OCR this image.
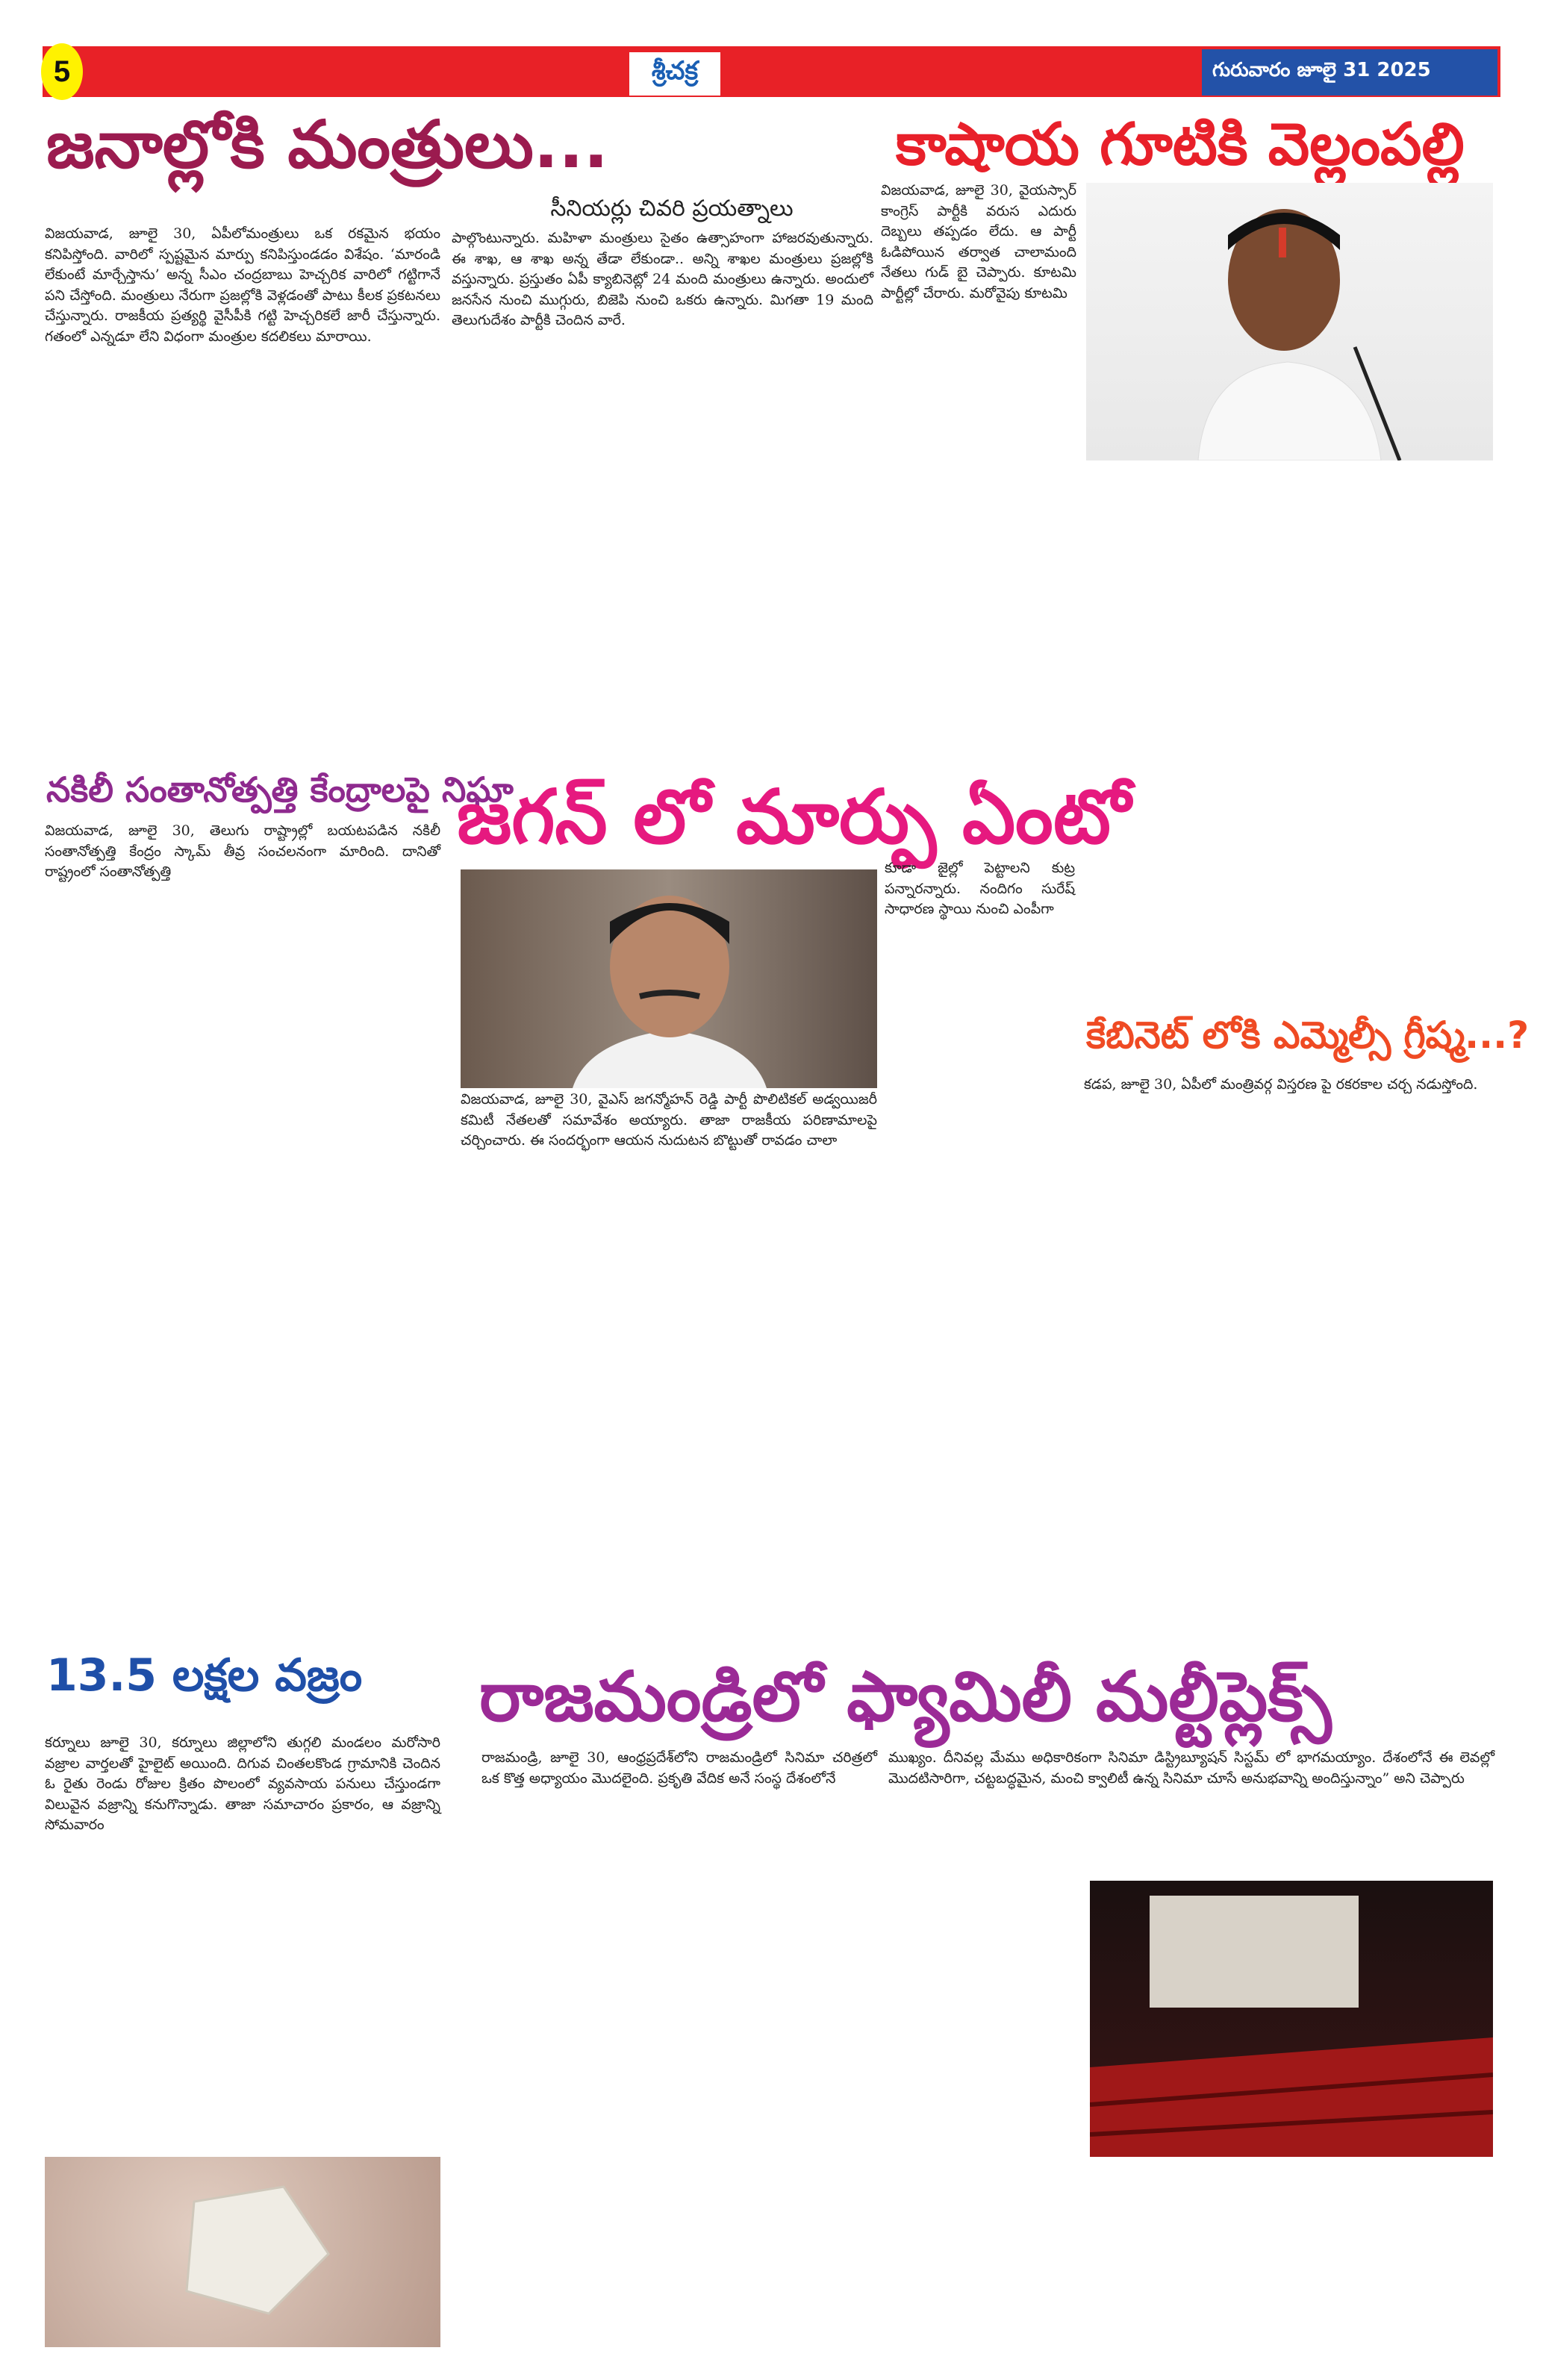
5	శ్రీచక్ర	గురువారం జూలై 31 2025
జనాల్లోకి మంత్రులు...	కాషాయ గూటికి వెల్లంపల్లి
సీనియర్లు చివరి ప్రయత్నాలు
విజయవాడ, జూలై 30, ఏపీలోమంత్రులు ఒక రకమైన భయం కనిపిస్తోంది. వారిలో స్పష్టమైన మార్పు కనిపిస్తుండడం విశేషం. ‘మారండి లేకుంటే మార్చేస్తాను’ అన్న సీఎం చంద్రబాబు హెచ్చరిక వారిలో గట్టిగానే పని చేస్తోంది. మంత్రులు నేరుగా ప్రజల్లోకి వెళ్లడంతో పాటు కీలక ప్రకటనలు చేస్తున్నారు. రాజకీయ ప్రత్యర్థి వైసీపీకి గట్టి హెచ్చరికలే జారీ చేస్తున్నారు. గతంలో ఎన్నడూ లేని విధంగా మంత్రుల కదలికలు మారాయి.
పాల్గొంటున్నారు. మహిళా మంత్రులు సైతం ఉత్సాహంగా హాజరవుతున్నారు. ఈ శాఖ, ఆ శాఖ అన్న తేడా లేకుండా.. అన్ని శాఖల మంత్రులు ప్రజల్లోకి వస్తున్నారు. ప్రస్తుతం ఏపీ క్యాబినెట్లో 24 మంది మంత్రులు ఉన్నారు. అందులో జనసేన నుంచి ముగ్గురు, బిజెపి నుంచి ఒకరు ఉన్నారు. మిగతా 19 మంది తెలుగుదేశం పార్టీకి చెందిన వారే.
విజయవాడ, జూలై 30, వైయస్సార్ కాంగ్రెస్ పార్టీకి వరుస ఎదురు దెబ్బలు తప్పడం లేదు. ఆ పార్టీ ఓడిపోయిన తర్వాత చాలామంది నేతలు గుడ్ బై చెప్పారు. కూటమి పార్టీల్లో చేరారు. మరోవైపు కూటమి
నకిలీ సంతానోత్పత్తి కేంద్రాలపై నిఘా
విజయవాడ, జూలై 30, తెలుగు రాష్ట్రాల్లో బయటపడిన నకిలీ సంతానోత్పత్తి కేంద్రం స్కామ్ తీవ్ర సంచలనంగా మారింది. దానితో రాష్ట్రంలో సంతానోత్పత్తి
జగన్ లో మార్పు ఏంటో
విజయవాడ, జూలై 30, వైఎస్ జగన్మోహన్ రెడ్డి పార్టీ పొలిటికల్ అడ్వయిజరీ కమిటీ నేతలతో సమావేశం అయ్యారు. తాజా రాజకీయ పరిణామాలపై చర్చించారు. ఈ సందర్భంగా ఆయన నుదుటన బొట్టుతో రావడం చాలా
కూడా జైల్లో పెట్టాలని కుట్ర పన్నారన్నారు. నందిగం సురేష్ సాధారణ స్థాయి నుంచి ఎంపీగా
కేబినెట్ లోకి ఎమ్మెల్సీ గ్రీష్మ...?
కడప, జూలై 30, ఏపీలో మంత్రివర్గ విస్తరణ పై రకరకాల చర్చ నడుస్తోంది.
13.5 లక్షల వజ్రం
కర్నూలు జూలై 30, కర్నూలు జిల్లాలోని తుగ్గలి మండలం మరోసారి వజ్రాల వార్తలతో హైలైట్ అయింది. దిగువ చింతలకొండ గ్రామానికి చెందిన ఓ రైతు రెండు రోజుల క్రితం పొలంలో వ్యవసాయ పనులు చేస్తుండగా విలువైన వజ్రాన్ని కనుగొన్నాడు. తాజా సమాచారం ప్రకారం, ఆ వజ్రాన్ని సోమవారం
రాజమండ్రిలో ఫ్యామిలీ మల్టీప్లెక్స్
రాజమండ్రి, జూలై 30, ఆంధ్రప్రదేశ్‌లోని రాజమండ్రిలో సినిమా చరిత్రలో ఒక కొత్త అధ్యాయం మొదలైంది. ప్రకృతి వేదిక అనే సంస్థ దేశంలోనే
ముఖ్యం. దీనివల్ల మేము అధికారికంగా సినిమా డిస్ట్రిబ్యూషన్ సిస్టమ్ లో భాగమయ్యాం. దేశంలోనే ఈ లెవల్లో మొదటిసారిగా, చట్టబద్ధమైన, మంచి క్వాలిటీ ఉన్న సినిమా చూసే అనుభవాన్ని అందిస్తున్నాం” అని చెప్పారు
